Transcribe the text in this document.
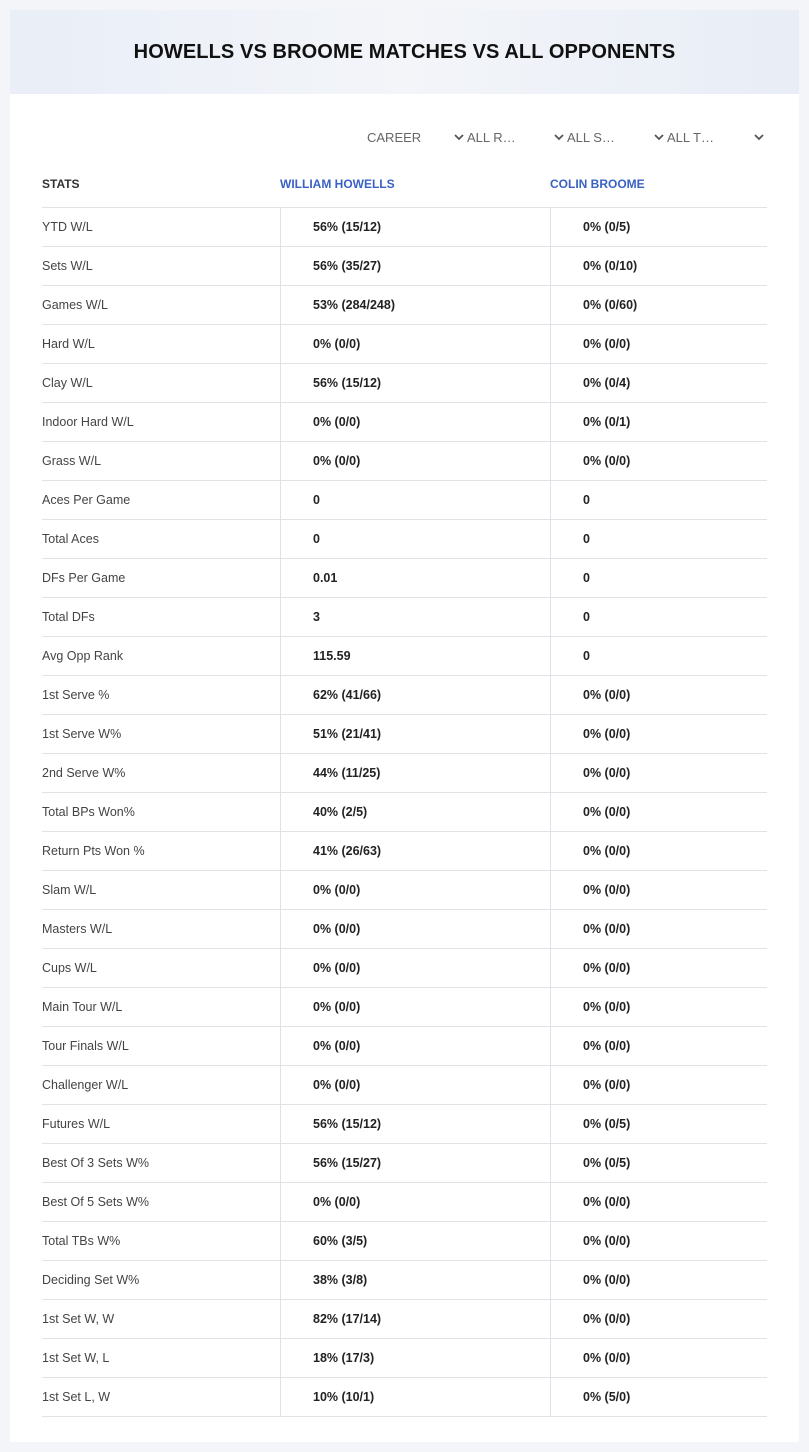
HOWELLS VS BROOME MATCHES VS ALL OPPONENTS
CAREER	ALL R…	ALL S…	ALL T…
STATS	WILLIAM HOWELLS	COLIN BROOME
YTD W/L	56% (15/12)	0% (0/5)
Sets W/L	56% (35/27)	0% (0/10)
Games W/L	53% (284/248)	0% (0/60)
Hard W/L	0% (0/0)	0% (0/0)
Clay W/L	56% (15/12)	0% (0/4)
Indoor Hard W/L	0% (0/0)	0% (0/1)
Grass W/L	0% (0/0)	0% (0/0)
Aces Per Game	0	0
Total Aces	0	0
DFs Per Game	0.01	0
Total DFs	3	0
Avg Opp Rank	115.59	0
1st Serve %	62% (41/66)	0% (0/0)
1st Serve W%	51% (21/41)	0% (0/0)
2nd Serve W%	44% (11/25)	0% (0/0)
Total BPs Won%	40% (2/5)	0% (0/0)
Return Pts Won %	41% (26/63)	0% (0/0)
Slam W/L	0% (0/0)	0% (0/0)
Masters W/L	0% (0/0)	0% (0/0)
Cups W/L	0% (0/0)	0% (0/0)
Main Tour W/L	0% (0/0)	0% (0/0)
Tour Finals W/L	0% (0/0)	0% (0/0)
Challenger W/L	0% (0/0)	0% (0/0)
Futures W/L	56% (15/12)	0% (0/5)
Best Of 3 Sets W%	56% (15/27)	0% (0/5)
Best Of 5 Sets W%	0% (0/0)	0% (0/0)
Total TBs W%	60% (3/5)	0% (0/0)
Deciding Set W%	38% (3/8)	0% (0/0)
1st Set W, W	82% (17/14)	0% (0/0)
1st Set W, L	18% (17/3)	0% (0/0)
1st Set L, W	10% (10/1)	0% (5/0)
